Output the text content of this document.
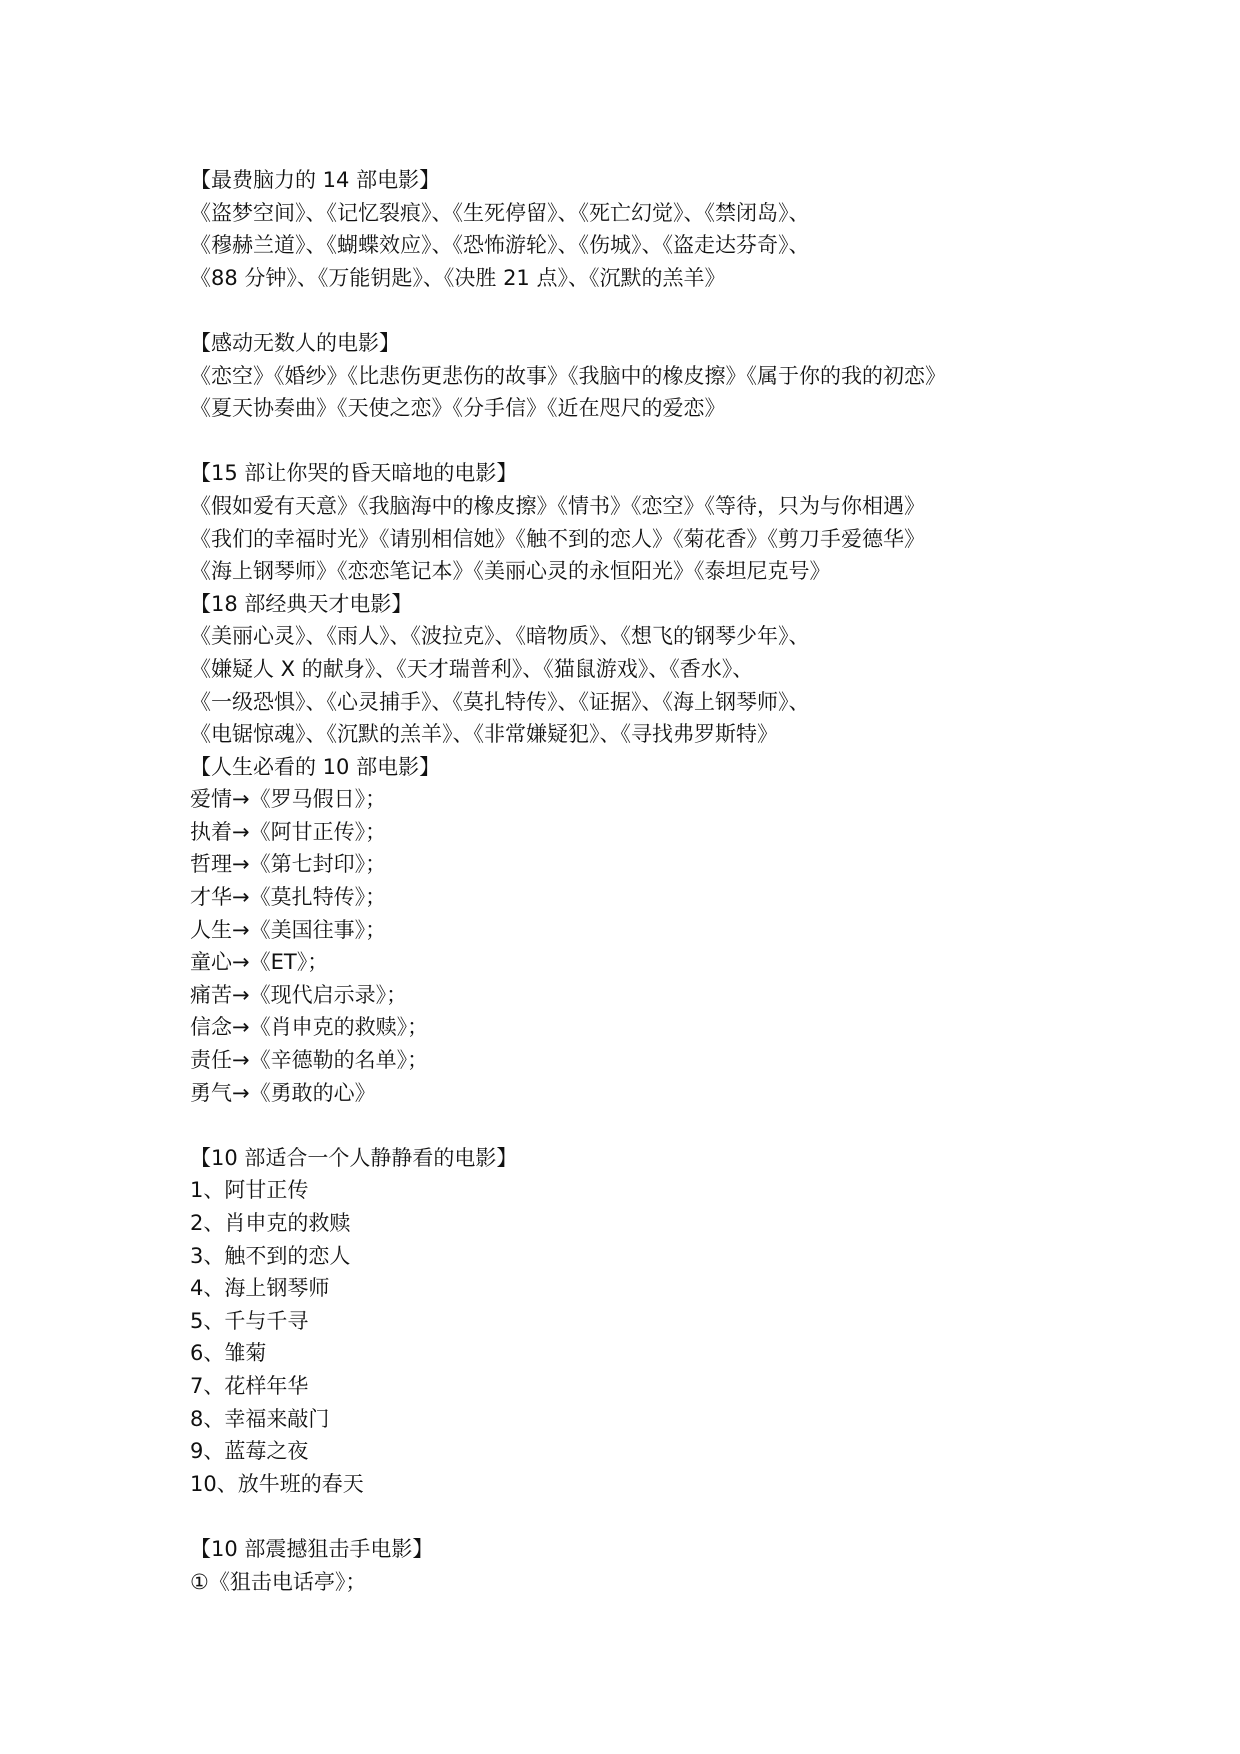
【最费脑力的 14 部电影】
《盗梦空间》、《记忆裂痕》、《生死停留》、《死亡幻觉》、《禁闭岛》、
《穆赫兰道》、《蝴蝶效应》、《恐怖游轮》、《伤城》、《盗走达芬奇》、
《88 分钟》、《万能钥匙》、《决胜 21 点》、《沉默的羔羊》
【感动无数人的电影】
《恋空》《婚纱》《比悲伤更悲伤的故事》《我脑中的橡皮擦》《属于你的我的初恋》
《夏天协奏曲》《天使之恋》《分手信》《近在咫尺的爱恋》
【15 部让你哭的昏天暗地的电影】
《假如爱有天意》《我脑海中的橡皮擦》《情书》《恋空》《等待，只为与你相遇》
《我们的幸福时光》《请别相信她》《触不到的恋人》《菊花香》《剪刀手爱德华》
《海上钢琴师》《恋恋笔记本》《美丽心灵的永恒阳光》《泰坦尼克号》
【18 部经典天才电影】
《美丽心灵》、《雨人》、《波拉克》、《暗物质》、《想飞的钢琴少年》、
《嫌疑人 X 的献身》、《天才瑞普利》、《猫鼠游戏》、《香水》、
《一级恐惧》、《心灵捕手》、《莫扎特传》、《证据》、《海上钢琴师》、
《电锯惊魂》、《沉默的羔羊》、《非常嫌疑犯》、《寻找弗罗斯特》
【人生必看的 10 部电影】
爱情→《罗马假日》；
执着→《阿甘正传》；
哲理→《第七封印》；
才华→《莫扎特传》；
人生→《美国往事》；
童心→《ET》；
痛苦→《现代启示录》；
信念→《肖申克的救赎》；
责任→《辛德勒的名单》；
勇气→《勇敢的心》
【10 部适合一个人静静看的电影】
1、阿甘正传
2、肖申克的救赎
3、触不到的恋人
4、海上钢琴师
5、千与千寻
6、雏菊
7、花样年华
8、幸福来敲门
9、蓝莓之夜
10、放牛班的春天
【10 部震撼狙击手电影】
①《狙击电话亭》；
